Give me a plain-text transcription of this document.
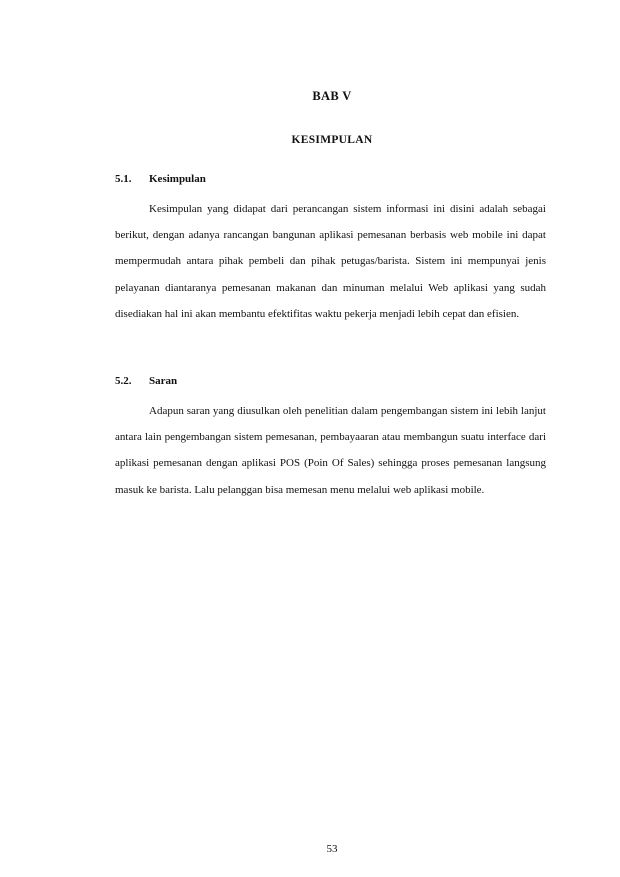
BAB V
KESIMPULAN
5.1.	Kesimpulan

Kesimpulan yang didapat dari perancangan sistem informasi ini disini adalah sebagai berikut, dengan adanya rancangan bangunan aplikasi pemesanan berbasis web mobile ini dapat mempermudah antara pihak pembeli dan pihak petugas/barista. Sistem ini mempunyai jenis pelayanan diantaranya pemesanan makanan dan minuman melalui Web aplikasi yang sudah disediakan hal ini akan membantu efektifitas waktu pekerja menjadi lebih cepat dan efisien.

5.2.	Saran

Adapun saran yang diusulkan oleh penelitian dalam pengembangan sistem ini lebih lanjut antara lain pengembangan sistem pemesanan, pembayaaran atau membangun suatu interface dari aplikasi pemesanan dengan aplikasi POS (Poin Of Sales) sehingga proses pemesanan langsung masuk ke barista. Lalu pelanggan bisa memesan menu melalui web aplikasi mobile.

53
